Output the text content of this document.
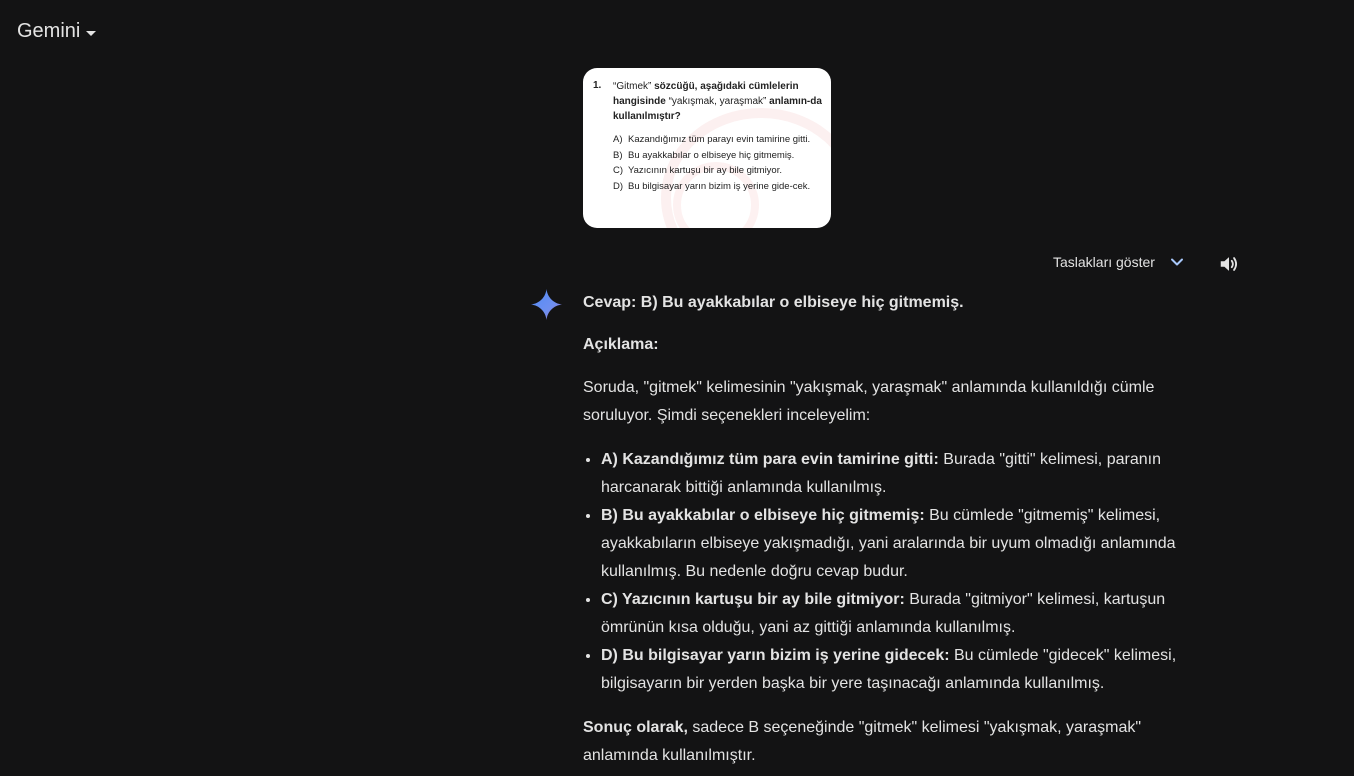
Gemini
1. “Gitmek” sözcüğü, aşağıdaki cümlelerin hangisinde “yakışmak, yaraşmak” anlamın-da kullanılmıştır?
A) Kazandığımız tüm parayı evin tamirine gitti.
B) Bu ayakkabılar o elbiseye hiç gitmemiş.
C) Yazıcının kartuşu bir ay bile gitmiyor.
D) Bu bilgisayar yarın bizim iş yerine gide-cek.
Taslakları göster

Cevap: B) Bu ayakkabılar o elbiseye hiç gitmemiş.

Açıklama:

Soruda, "gitmek" kelimesinin "yakışmak, yaraşmak" anlamında kullanıldığı cümle soruluyor. Şimdi seçenekleri inceleyelim:

• A) Kazandığımız tüm para evin tamirine gitti: Burada "gitti" kelimesi, paranın harcanarak bittiği anlamında kullanılmış.
• B) Bu ayakkabılar o elbiseye hiç gitmemiş: Bu cümlede "gitmemiş" kelimesi, ayakkabıların elbiseye yakışmadığı, yani aralarında bir uyum olmadığı anlamında kullanılmış. Bu nedenle doğru cevap budur.
• C) Yazıcının kartuşu bir ay bile gitmiyor: Burada "gitmiyor" kelimesi, kartuşun ömrünün kısa olduğu, yani az gittiği anlamında kullanılmış.
• D) Bu bilgisayar yarın bizim iş yerine gidecek: Bu cümlede "gidecek" kelimesi, bilgisayarın bir yerden başka bir yere taşınacağı anlamında kullanılmış.

Sonuç olarak, sadece B seçeneğinde "gitmek" kelimesi "yakışmak, yaraşmak" anlamında kullanılmıştır.
